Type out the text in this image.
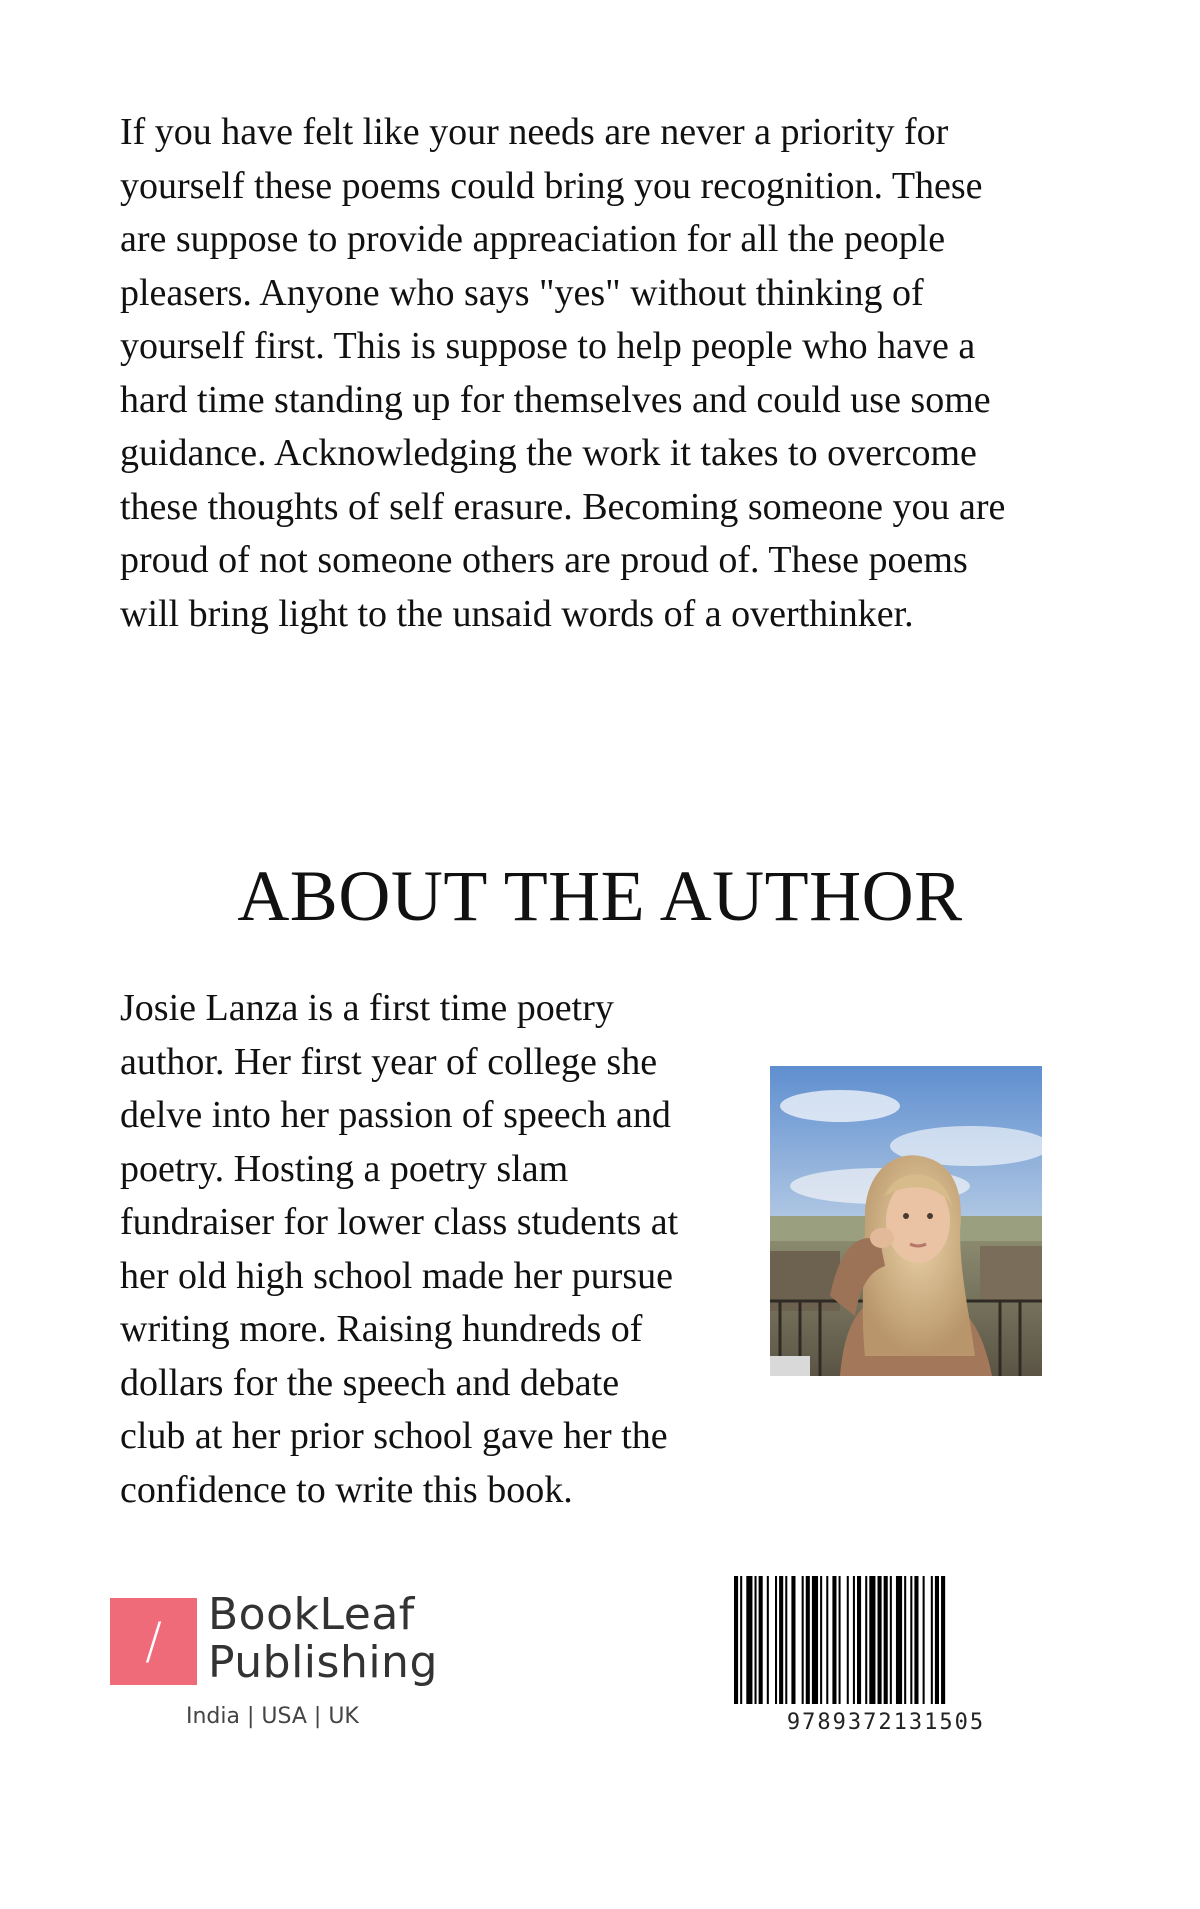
If you have felt like your needs are never a priority for
yourself these poems could bring you recognition. These
are suppose to provide appreaciation for all the people
pleasers. Anyone who says "yes" without thinking of
yourself first. This is suppose to help people who have a
hard time standing up for themselves and could use some
guidance. Acknowledging the work it takes to overcome
these thoughts of self erasure. Becoming someone you are
proud of not someone others are proud of. These poems
will bring light to the unsaid words of a overthinker.

ABOUT THE AUTHOR

Josie Lanza is a first time poetry
author. Her first year of college she
delve into her passion of speech and
poetry. Hosting a poetry slam
fundraiser for lower class students at
her old high school made her pursue
writing more. Raising hundreds of
dollars for the speech and debate
club at her prior school gave her the
confidence to write this book.

/	BookLeaf
Publishing
India | USA | UK	9789372131505
